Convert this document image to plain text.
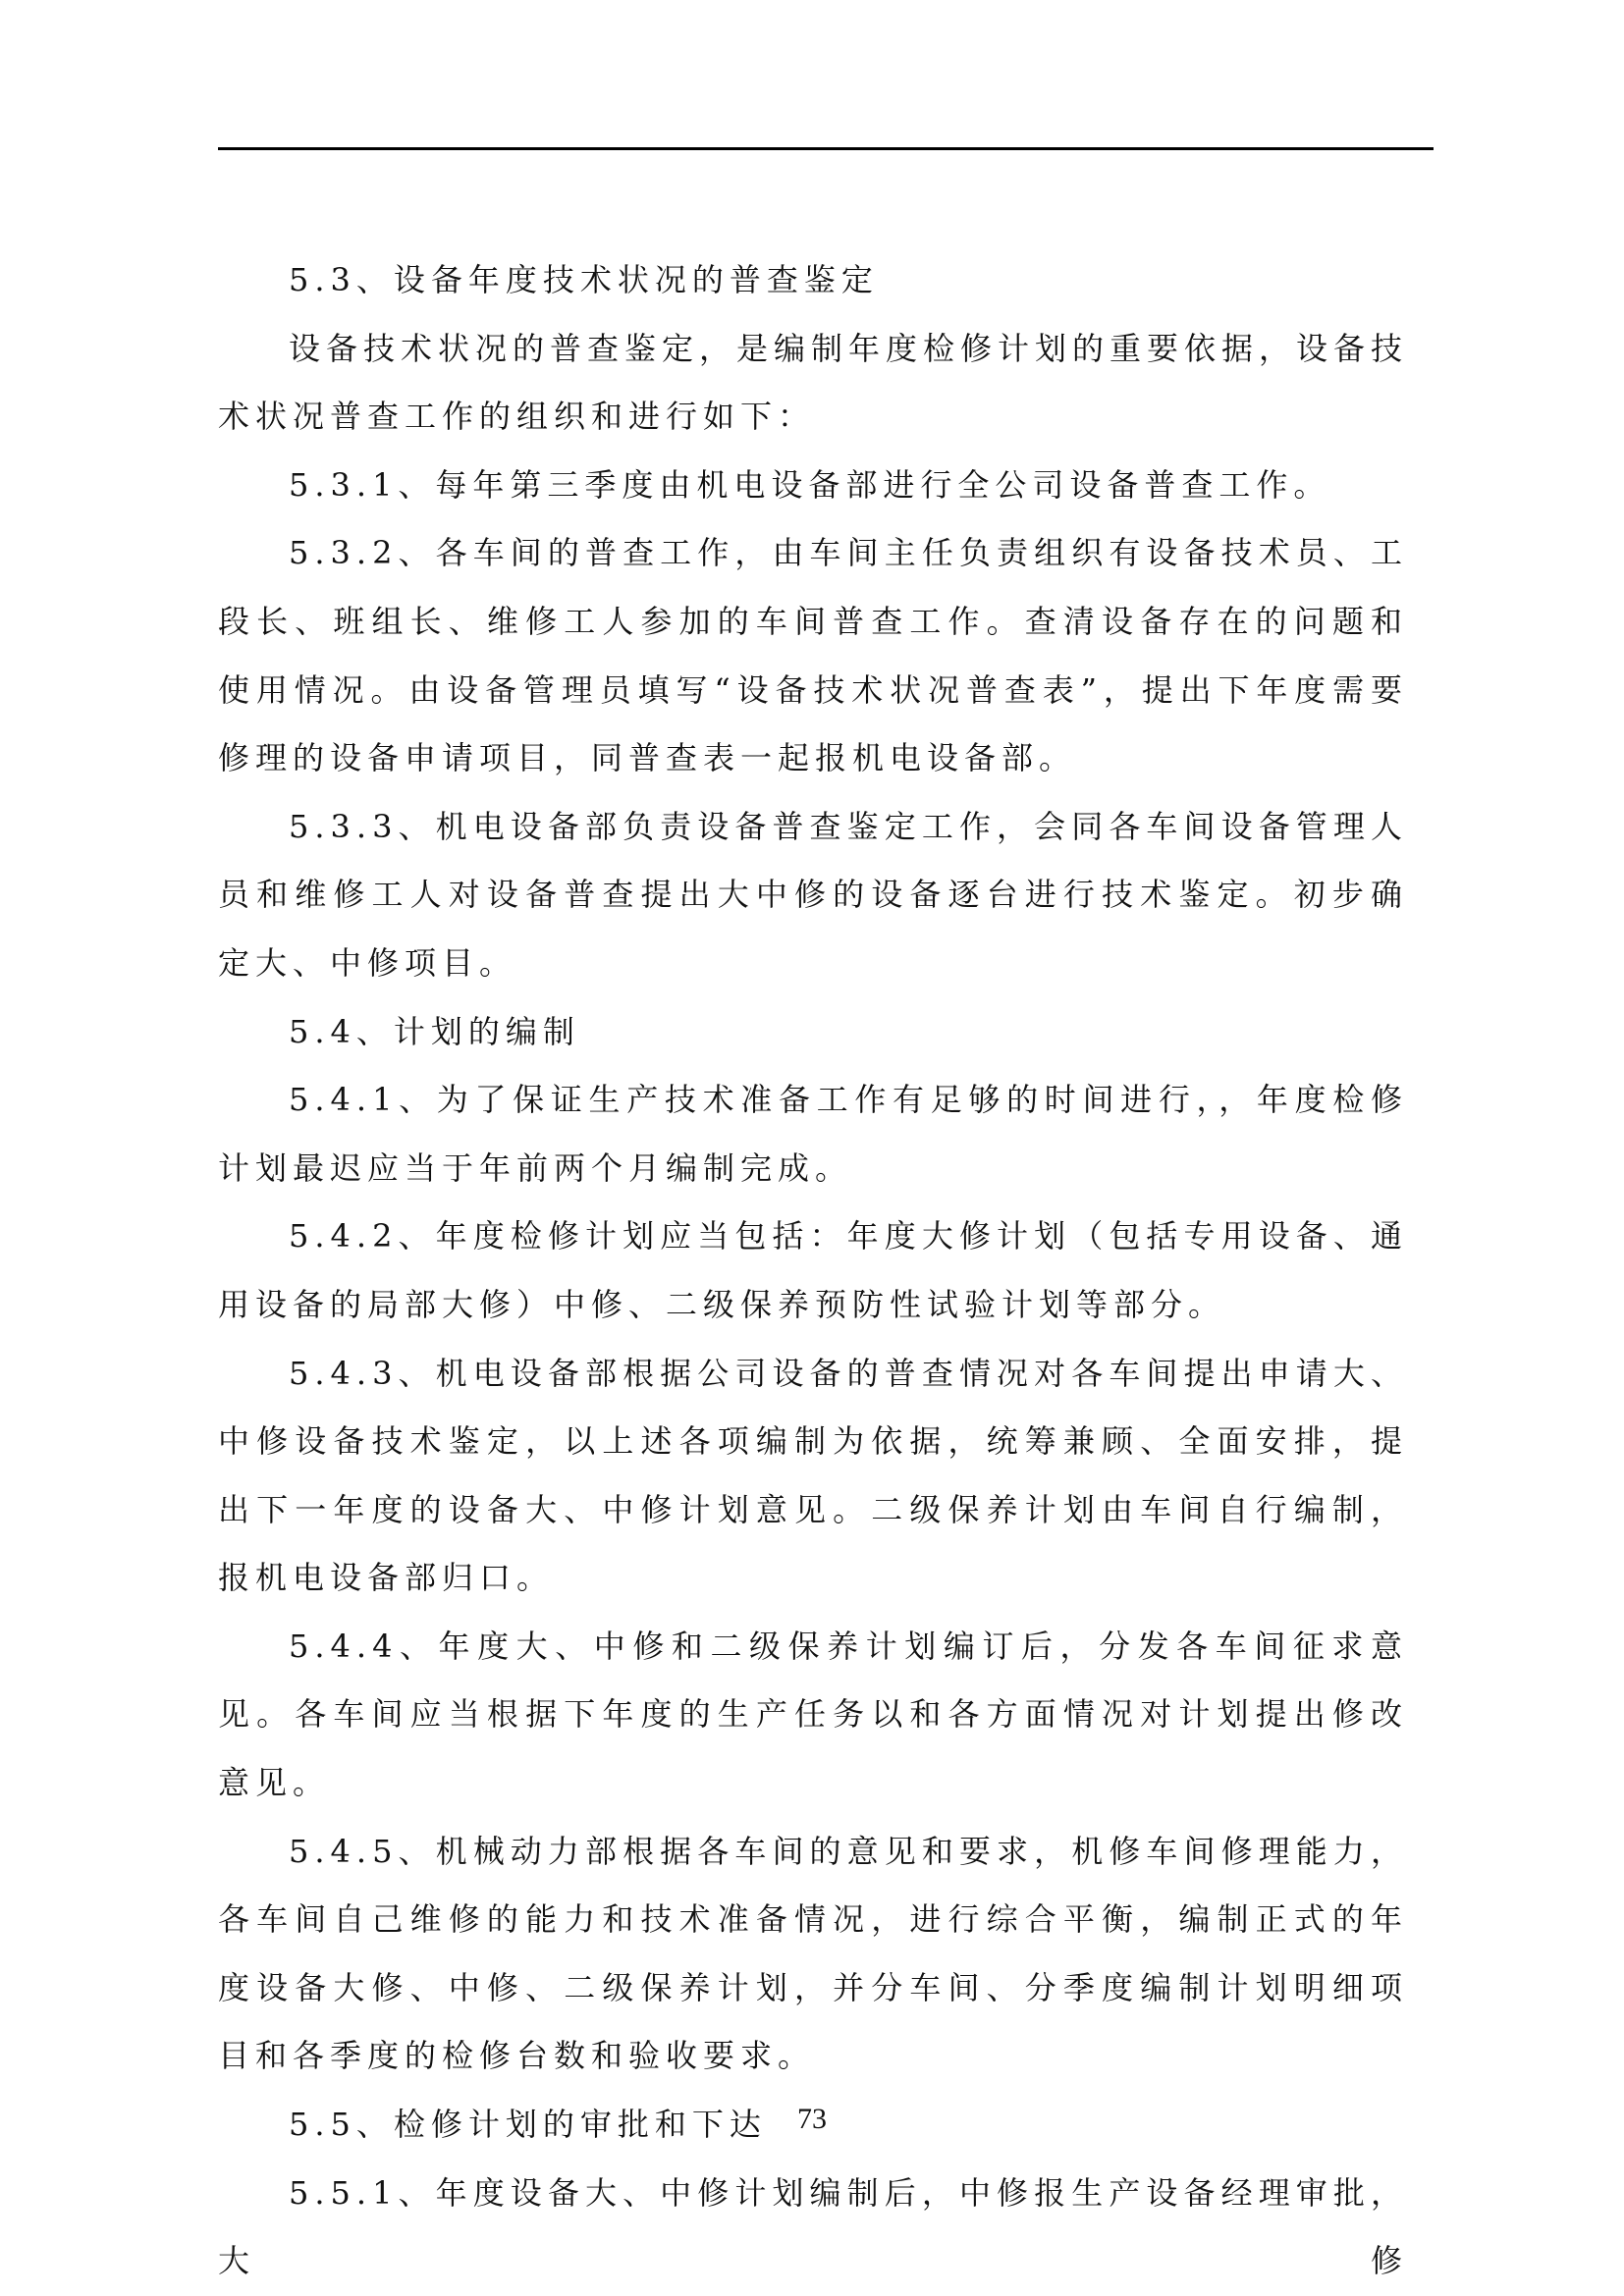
5.3、设备年度技术状况的普查鉴定

设备技术状况的普查鉴定，是编制年度检修计划的重要依据，设备技术状况普查工作的组织和进行如下：

5.3.1、每年第三季度由机电设备部进行全公司设备普查工作。

5.3.2、各车间的普查工作，由车间主任负责组织有设备技术员、工段长、班组长、维修工人参加的车间普查工作。查清设备存在的问题和使用情况。由设备管理员填写“设备技术状况普查表”，提出下年度需要修理的设备申请项目，同普查表一起报机电设备部。

5.3.3、机电设备部负责设备普查鉴定工作，会同各车间设备管理人员和维修工人对设备普查提出大中修的设备逐台进行技术鉴定。初步确定大、中修项目。

5.4、计划的编制

5.4.1、为了保证生产技术准备工作有足够的时间进行，，年度检修计划最迟应当于年前两个月编制完成。

5.4.2、年度检修计划应当包括：年度大修计划（包括专用设备、通用设备的局部大修）中修、二级保养预防性试验计划等部分。

5.4.3、机电设备部根据公司设备的普查情况对各车间提出申请大、中修设备技术鉴定，以上述各项编制为依据，统筹兼顾、全面安排，提出下一年度的设备大、中修计划意见。二级保养计划由车间自行编制，报机电设备部归口。

5.4.4、年度大、中修和二级保养计划编订后，分发各车间征求意见。各车间应当根据下年度的生产任务以和各方面情况对计划提出修改意见。

5.4.5、机械动力部根据各车间的意见和要求，机修车间修理能力，各车间自己维修的能力和技术准备情况，进行综合平衡，编制正式的年度设备大修、中修、二级保养计划，并分车间、分季度编制计划明细项目和各季度的检修台数和验收要求。

5.5、检修计划的审批和下达

5.5.1、年度设备大、中修计划编制后，中修报生产设备经理审批，大修

73
